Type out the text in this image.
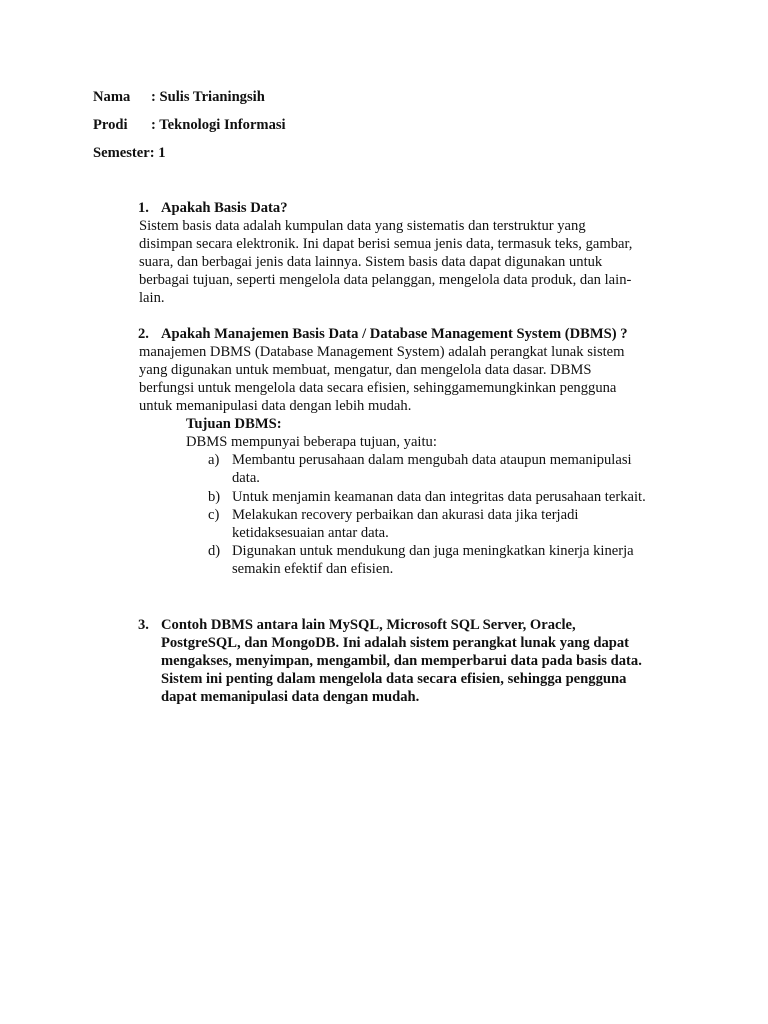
Nama : Sulis Trianingsih
Prodi : Teknologi Informasi
Semester: 1
1. Apakah Basis Data?
Sistem basis data adalah kumpulan data yang sistematis dan terstruktur yang
disimpan secara elektronik. Ini dapat berisi semua jenis data, termasuk teks, gambar,
suara, dan berbagai jenis data lainnya. Sistem basis data dapat digunakan untuk
berbagai tujuan, seperti mengelola data pelanggan, mengelola data produk, dan lain-
lain.
2. Apakah Manajemen Basis Data / Database Management System (DBMS) ?
manajemen DBMS (Database Management System) adalah perangkat lunak sistem
yang digunakan untuk membuat, mengatur, dan mengelola data dasar. DBMS
berfungsi untuk mengelola data secara efisien, sehinggamemungkinkan pengguna
untuk memanipulasi data dengan lebih mudah.
Tujuan DBMS:
DBMS mempunyai beberapa tujuan, yaitu:
a) Membantu perusahaan dalam mengubah data ataupun memanipulasi
data.
b) Untuk menjamin keamanan data dan integritas data perusahaan terkait.
c) Melakukan recovery perbaikan dan akurasi data jika terjadi
ketidaksesuaian antar data.
d) Digunakan untuk mendukung dan juga meningkatkan kinerja kinerja
semakin efektif dan efisien.
3. Contoh DBMS antara lain MySQL, Microsoft SQL Server, Oracle,
PostgreSQL, dan MongoDB. Ini adalah sistem perangkat lunak yang dapat
mengakses, menyimpan, mengambil, dan memperbarui data pada basis data.
Sistem ini penting dalam mengelola data secara efisien, sehingga pengguna
dapat memanipulasi data dengan mudah.
